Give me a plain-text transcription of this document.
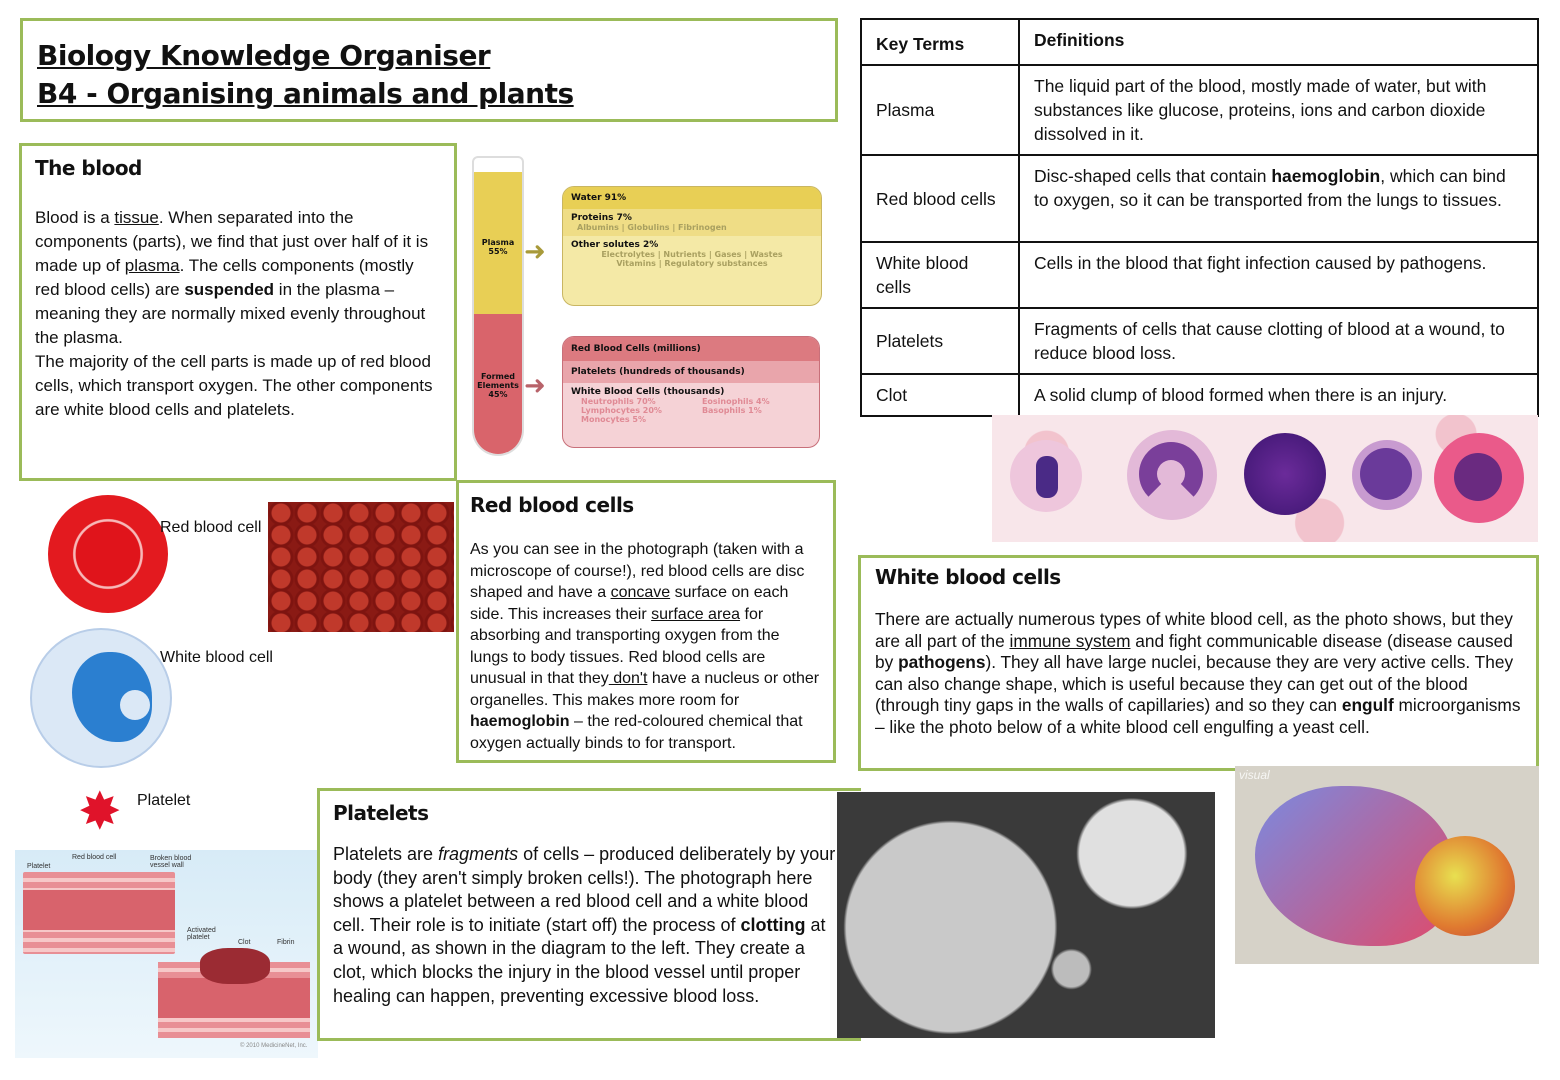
Biology Knowledge Organiser
B4 - Organising animals and plants
The blood
Blood is a tissue. When separated into the components (parts), we find that just over half of it is made up of plasma. The cells components (mostly red blood cells) are suspended in the plasma – meaning they are normally mixed evenly throughout the plasma.
The majority of the cell parts is made up of red blood cells, which transport oxygen. The other components are white blood cells and platelets.
Plasma 55%
Formed Elements 45%
➜
➜
Water 91%
Proteins 7%
Albumins | Globulins | Fibrinogen
Other solutes 2%
Electrolytes | Nutrients | Gases | Wastes
Vitamins | Regulatory substances
Red Blood Cells (millions)
Platelets (hundreds of thousands)
White Blood Cells (thousands)
Neutrophils 70%
Lymphocytes 20%
Monocytes 5%
Eosinophils 4%
Basophils 1%
Key Terms	Definitions
Plasma	The liquid part of the blood, mostly made of water, but with substances like glucose, proteins, ions and carbon dioxide dissolved in it.
Red blood cells	Disc-shaped cells that contain haemoglobin, which can bind to oxygen, so it can be transported from the lungs to tissues.
White blood cells	Cells in the blood that fight infection caused by pathogens.
Platelets	Fragments of cells that cause clotting of blood at a wound, to reduce blood loss.
Clot	A solid clump of blood formed when there is an injury.
White blood cells
There are actually numerous types of white blood cell, as the photo shows, but they are all part of the immune system and fight communicable disease (disease caused by pathogens). They all have large nuclei, because they are very active cells. They can also change shape, which is useful because they can get out of the blood (through tiny gaps in the walls of capillaries) and so they can engulf microorganisms – like the photo below of a white blood cell engulfing a yeast cell.
Red blood cell
White blood cell
✸ Platelet
Platelet
Red blood cell	Broken blood vessel wall
Activated platelet
Clot	Fibrin
© 2010 MedicineNet, Inc.
Red blood cells
As you can see in the photograph (taken with a microscope of course!), red blood cells are disc shaped and have a concave surface on each side. This increases their surface area for absorbing and transporting oxygen from the lungs to body tissues. Red blood cells are unusual in that they don't have a nucleus or other organelles. This makes more room for haemoglobin – the red-coloured chemical that oxygen actually binds to for transport.
Platelets
Platelets are fragments of cells – produced deliberately by your body (they aren't simply broken cells!). The photograph here shows a platelet between a red blood cell and a white blood cell. Their role is to initiate (start off) the process of clotting at a wound, as shown in the diagram to the left. They create a clot, which blocks the injury in the blood vessel until proper healing can happen, preventing excessive blood loss.
visual
